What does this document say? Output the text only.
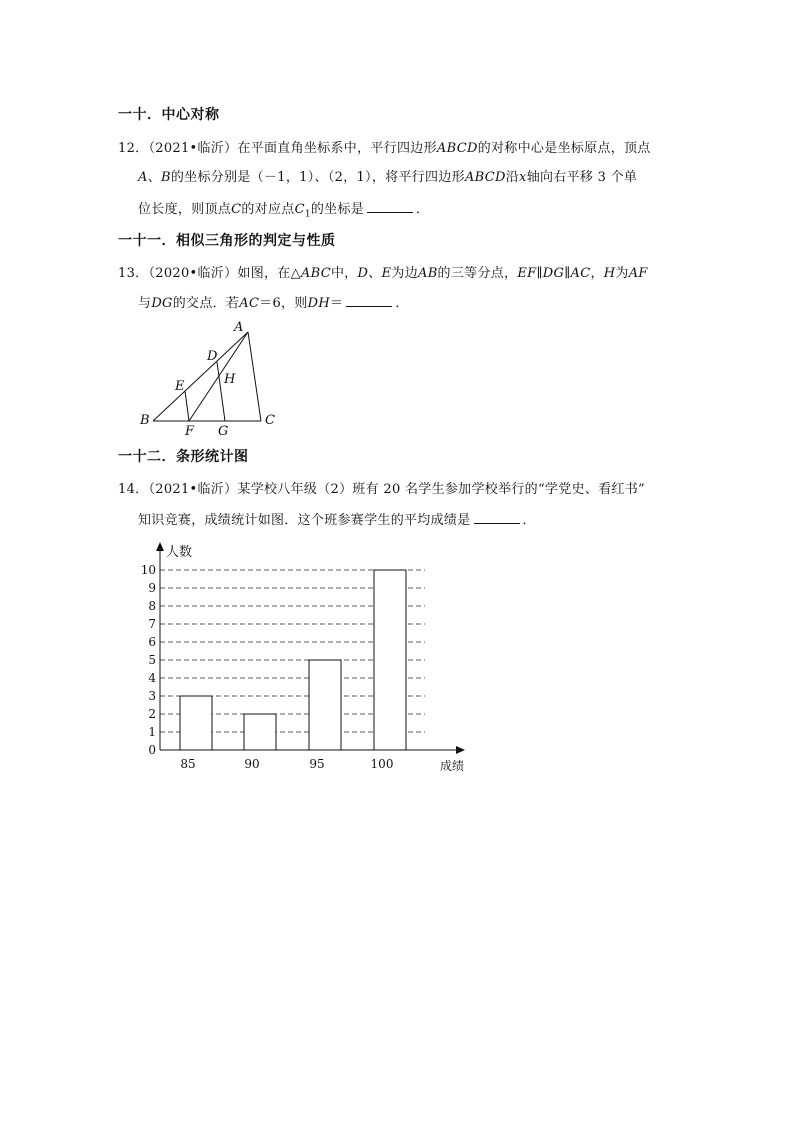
一十．中心对称
12．（2021•临沂）在平面直角坐标系中，平行四边形ABCD的对称中心是坐标原点，顶点
A、B的坐标分别是（－1，1）、（2，1），将平行四边形ABCD沿x轴向右平移 3 个单
位长度，则顶点C的对应点$C_1$的坐标是	．
一十一．相似三角形的判定与性质
13．（2020•临沂）如图，在△ABC中，D、E为边AB的三等分点，EF∥DG∥AC，H为AF
与DG的交点．若AC＝6，则DH＝	．
A
B	C
D
E
F G
H
一十二．条形统计图
14．（2021•临沂）某学校八年级（2）班有 20 名学生参加学校举行的“学党史、看红书”
知识竞赛，成绩统计如图．这个班参赛学生的平均成绩是	．
0
1
2
3
4
5
6
7
8
9
10
85	90	95	100
人数
成绩
